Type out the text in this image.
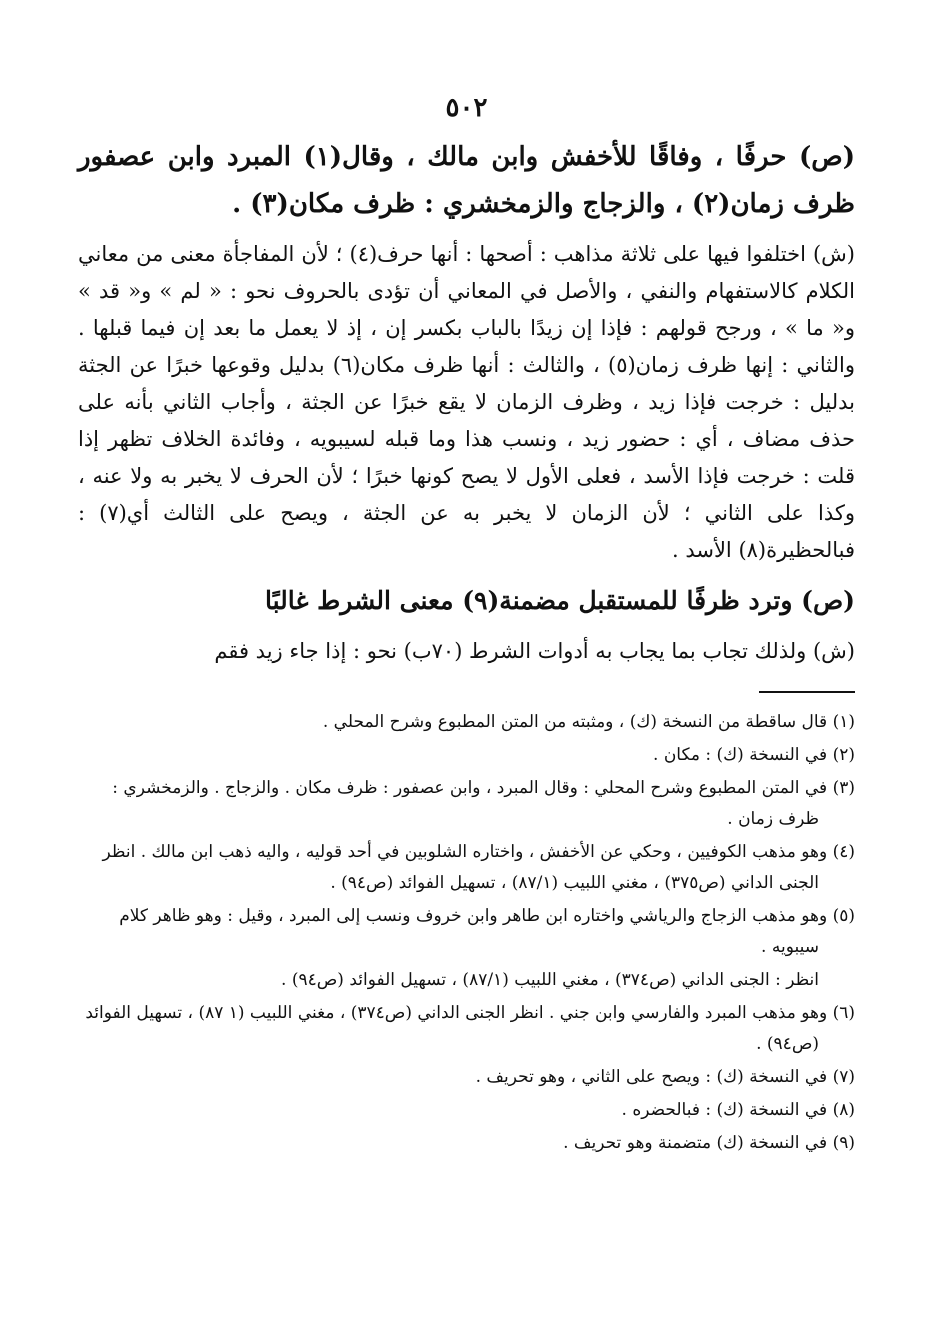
٥٠٢

(ص) حرفًا ، وفاقًا للأخفش وابن مالك ، وقال(١) المبرد وابن عصفور ظرف زمان(٢) ، والزجاج والزمخشري : ظرف مكان(٣) .

(ش) اختلفوا فيها على ثلاثة مذاهب : أصحها : أنها حرف(٤) ؛ لأن المفاجأة معنى من معاني الكلام كالاستفهام والنفي ، والأصل في المعاني أن تؤدى بالحروف نحو : « لم » و« قد » و« ما » ، ورجح قولهم : فإذا إن زيدًا بالباب بكسر إن ، إذ لا يعمل ما بعد إن فيما قبلها . والثاني : إنها ظرف زمان(٥) ، والثالث : أنها ظرف مكان(٦) بدليل وقوعها خبرًا عن الجثة بدليل : خرجت فإذا زيد ، وظرف الزمان لا يقع خبرًا عن الجثة ، وأجاب الثاني بأنه على حذف مضاف ، أي : حضور زيد ، ونسب هذا وما قبله لسيبويه ، وفائدة الخلاف تظهر إذا قلت : خرجت فإذا الأسد ، فعلى الأول لا يصح كونها خبرًا ؛ لأن الحرف لا يخبر به ولا عنه ، وكذا على الثاني ؛ لأن الزمان لا يخبر به عن الجثة ، ويصح على الثالث أي(٧) : فبالحظيرة(٨) الأسد .

(ص) وترد ظرفًا للمستقبل مضمنة(٩) معنى الشرط غالبًا

(ش) ولذلك تجاب بما يجاب به أدوات الشرط (٧٠ب) نحو : إذا جاء زيد فقم

(١) قال ساقطة من النسخة (ك) ، ومثبته من المتن المطبوع وشرح المحلي .

(٢) في النسخة (ك) : مكان .

(٣) في المتن المطبوع وشرح المحلي : وقال المبرد ، وابن عصفور : ظرف مكان . والزجاج . والزمخشري : ظرف زمان .

(٤) وهو مذهب الكوفيين ، وحكي عن الأخفش ، واختاره الشلوبين في أحد قوليه ، واليه ذهب ابن مالك . انظر الجنى الداني (ص٣٧٥) ، مغني اللبيب (٨٧/١) ، تسهيل الفوائد (ص٩٤) .

(٥) وهو مذهب الزجاج والرياشي واختاره ابن طاهر وابن خروف ونسب إلى المبرد ، وقيل : وهو ظاهر كلام سيبويه .

انظر : الجنى الداني (ص٣٧٤) ، مغني اللبيب (٨٧/١) ، تسهيل الفوائد (ص٩٤) .

(٦) وهو مذهب المبرد والفارسي وابن جني . انظر الجنى الداني (ص٣٧٤) ، مغني اللبيب (١ ٨٧) ، تسهيل الفوائد (ص٩٤) .

(٧) في النسخة (ك) : ويصح على الثاني ، وهو تحريف .

(٨) في النسخة (ك) : فبالحضره .

(٩) في النسخة (ك) متضمنة وهو تحريف .
